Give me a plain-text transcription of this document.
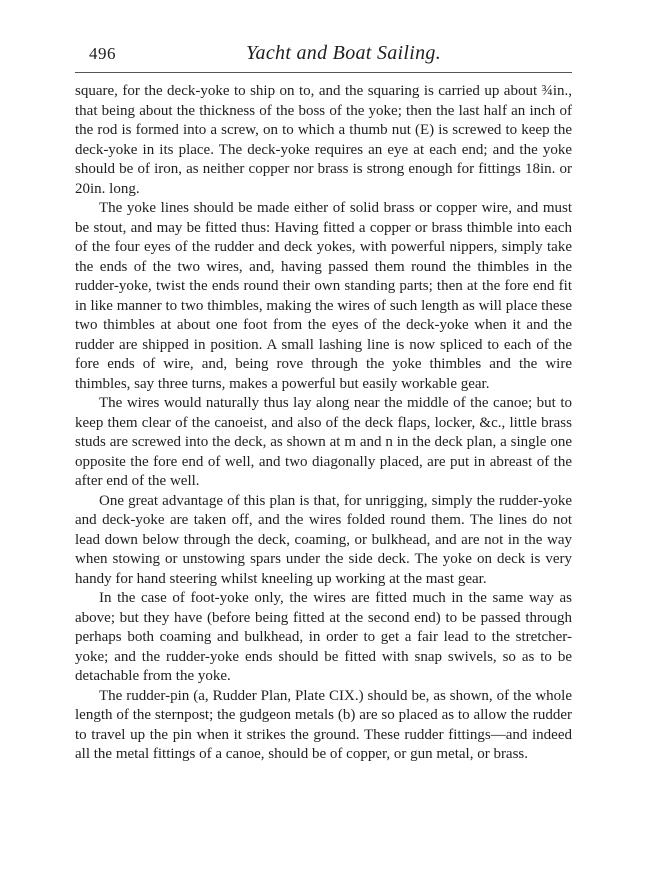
496	Yacht and Boat Sailing.

square, for the deck-yoke to ship on to, and the squaring is carried up about ¾in., that being about the thickness of the boss of the yoke; then the last half an inch of the rod is formed into a screw, on to which a thumb nut (E) is screwed to keep the deck-yoke in its place. The deck-yoke requires an eye at each end; and the yoke should be of iron, as neither copper nor brass is strong enough for fittings 18in. or 20in. long.

The yoke lines should be made either of solid brass or copper wire, and must be stout, and may be fitted thus: Having fitted a copper or brass thimble into each of the four eyes of the rudder and deck yokes, with powerful nippers, simply take the ends of the two wires, and, having passed them round the thimbles in the rudder-yoke, twist the ends round their own standing parts; then at the fore end fit in like manner to two thimbles, making the wires of such length as will place these two thimbles at about one foot from the eyes of the deck-yoke when it and the rudder are shipped in position. A small lashing line is now spliced to each of the fore ends of wire, and, being rove through the yoke thimbles and the wire thimbles, say three turns, makes a powerful but easily workable gear.

The wires would naturally thus lay along near the middle of the canoe; but to keep them clear of the canoeist, and also of the deck flaps, locker, &c., little brass studs are screwed into the deck, as shown at m and n in the deck plan, a single one opposite the fore end of well, and two diagonally placed, are put in abreast of the after end of the well.

One great advantage of this plan is that, for unrigging, simply the rudder-yoke and deck-yoke are taken off, and the wires folded round them. The lines do not lead down below through the deck, coaming, or bulkhead, and are not in the way when stowing or unstowing spars under the side deck. The yoke on deck is very handy for hand steering whilst kneeling up working at the mast gear.

In the case of foot-yoke only, the wires are fitted much in the same way as above; but they have (before being fitted at the second end) to be passed through perhaps both coaming and bulkhead, in order to get a fair lead to the stretcher-yoke; and the rudder-yoke ends should be fitted with snap swivels, so as to be detachable from the yoke.

The rudder-pin (a, Rudder Plan, Plate CIX.) should be, as shown, of the whole length of the sternpost; the gudgeon metals (b) are so placed as to allow the rudder to travel up the pin when it strikes the ground. These rudder fittings—and indeed all the metal fittings of a canoe, should be of copper, or gun metal, or brass.
